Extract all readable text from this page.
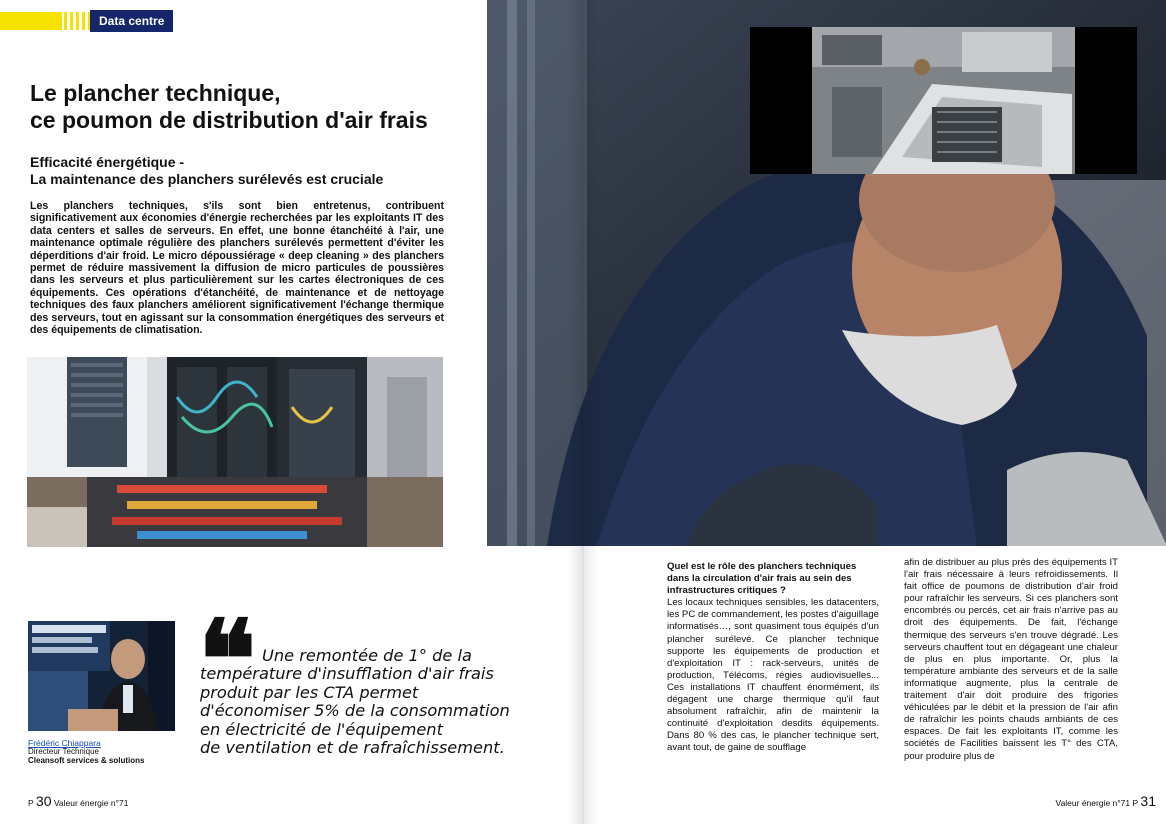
Data centre
Le plancher technique,
ce poumon de distribution d'air frais
Efficacité énergétique -
La maintenance des planchers surélevés est cruciale

Les planchers techniques, s'ils sont bien entretenus, contribuent significativement aux économies d'énergie recherchées par les exploitants IT des data centers et salles de serveurs. En effet, une bonne étanchéité à l'air, une maintenance optimale régulière des planchers surélevés permettent d'éviter les déperditions d'air froid. Le micro dépoussiérage « deep cleaning » des planchers permet de réduire massivement la diffusion de micro particules de poussières dans les serveurs et plus particulièrement sur les cartes électroniques de ces équipements. Ces opérations d'étanchéité, de maintenance et de nettoyage techniques des faux planchers améliorent significativement l'échange thermique des serveurs, tout en agissant sur la consommation énergétiques des serveurs et des équipements de climatisation.

❝ Une remontée de 1° de la
température d'insufflation d'air frais
produit par les CTA permet
d'économiser 5% de la consommation
en électricité de l'équipement
de ventilation et de rafraîchissement.
Frédéric Chiappara
Directeur Technique
Cleansoft services & solutions
P 30 Valeur énergie n°71

Quel est le rôle des planchers techniques dans la circulation d'air frais au sein des infrastructures critiques ?

Les locaux techniques sensibles, les datacenters, les PC de commandement, les postes d'aiguillage informatisés…, sont quasiment tous équipés d'un plancher surélevé. Ce plancher technique supporte les équipements de production et d'exploitation IT : rack-serveurs, unités de production, Télécoms, régies audiovisuelles... Ces installations IT chauffent énormément, ils dégagent une charge thermique qu'il faut absolument rafraîchir, afin de maintenir la continuité d'exploitation desdits équipements. Dans 80 % des cas, le plancher technique sert, avant tout, de gaine de soufflage

afin de distribuer au plus près des équipements IT l'air frais nécessaire à leurs refroidissements. Il fait office de poumons de distribution d'air froid pour rafraîchir les serveurs. Si ces planchers sont encombrés ou percés, cet air frais n'arrive pas au droit des équipements. De fait, l'échange thermique des serveurs s'en trouve dégradé. Les serveurs chauffent tout en dégageant une chaleur de plus en plus importante. Or, plus la température ambiante des serveurs et de la salle informatique augmente, plus la centrale de traitement d'air doit produire des frigories véhiculées par le débit et la pression de l'air afin de rafraîchir les points chauds ambiants de ces espaces. De fait les exploitants IT, comme les sociétés de Facilities baissent les T° des CTA, pour produire plus de

Valeur énergie n°71 P 31
